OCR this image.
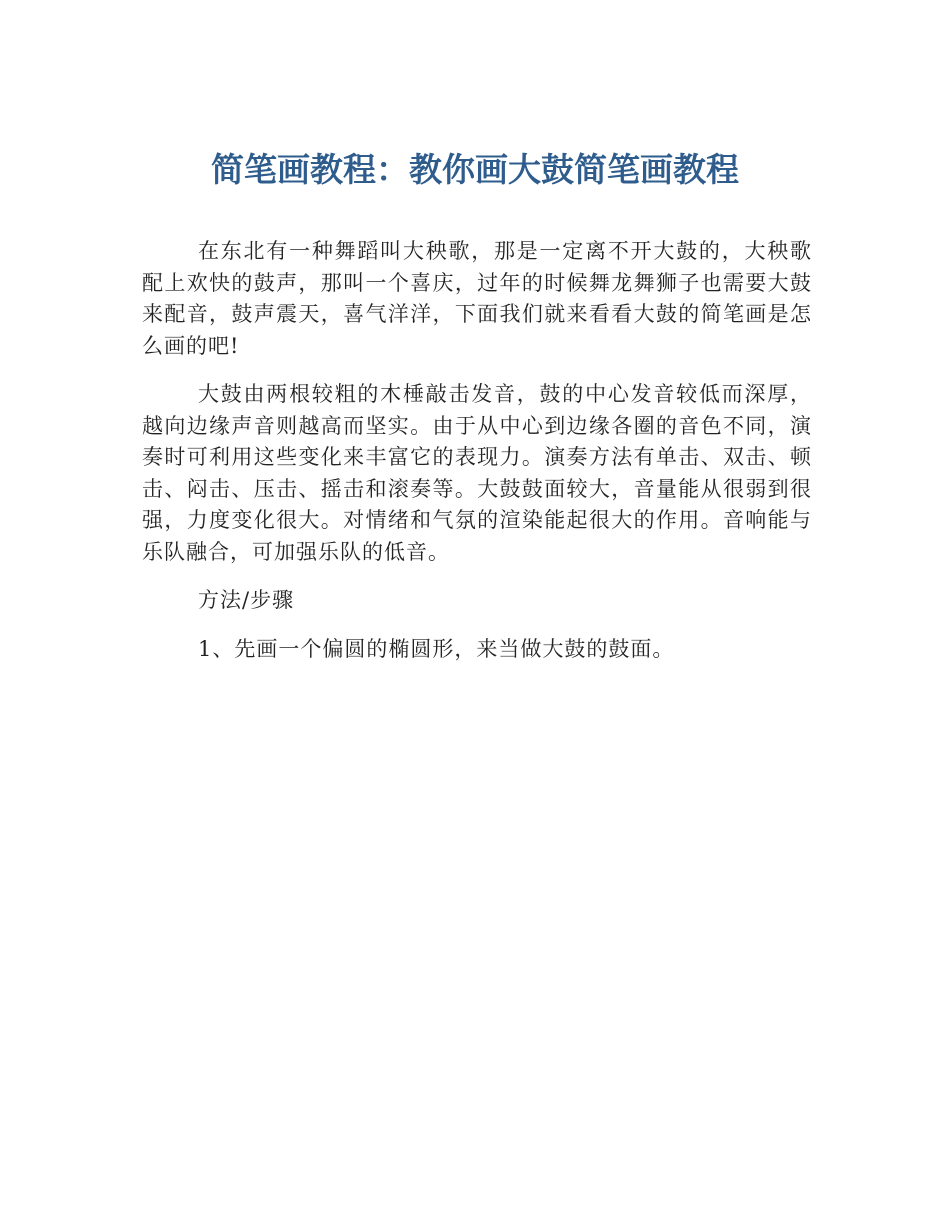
简笔画教程：教你画大鼓简笔画教程

在东北有一种舞蹈叫大秧歌，那是一定离不开大鼓的，大秧歌配上欢快的鼓声，那叫一个喜庆，过年的时候舞龙舞狮子也需要大鼓来配音，鼓声震天，喜气洋洋，下面我们就来看看大鼓的简笔画是怎么画的吧!

大鼓由两根较粗的木棰敲击发音，鼓的中心发音较低而深厚，越向边缘声音则越高而坚实。由于从中心到边缘各圈的音色不同，演奏时可利用这些变化来丰富它的表现力。演奏方法有单击、双击、顿击、闷击、压击、摇击和滚奏等。大鼓鼓面较大，音量能从很弱到很强，力度变化很大。对情绪和气氛的渲染能起很大的作用。音响能与乐队融合，可加强乐队的低音。

方法/步骤

1、先画一个偏圆的椭圆形，来当做大鼓的鼓面。
